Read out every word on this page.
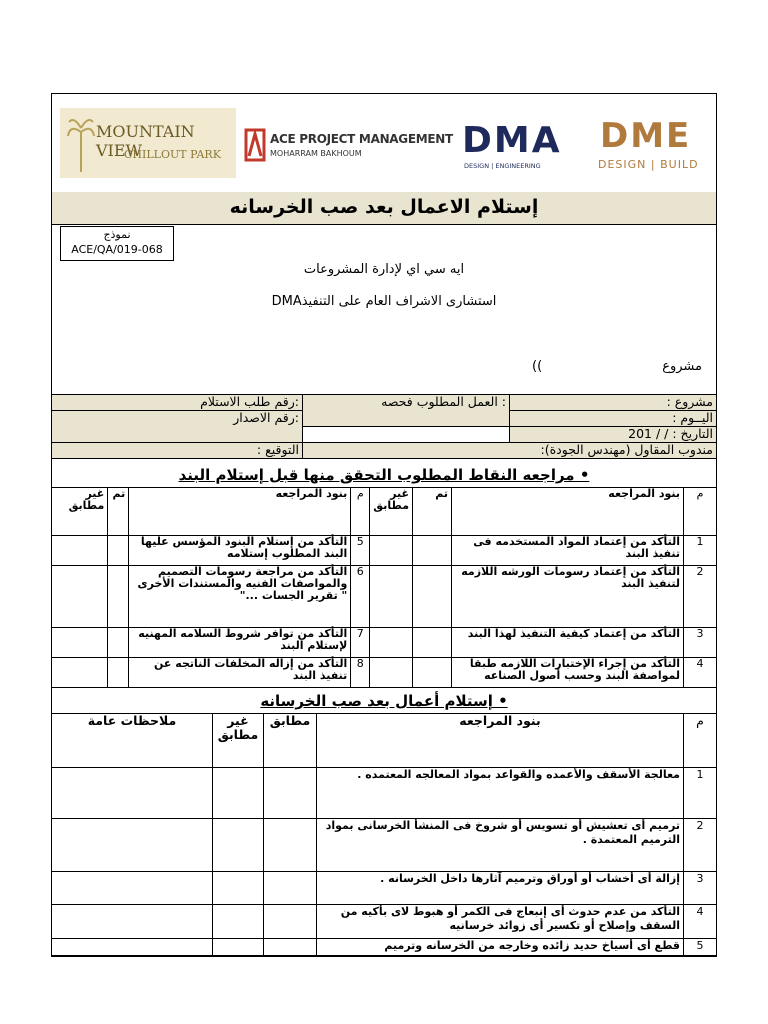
MOUNTAIN VIEW
CHILLOUT PARK
ACE PROJECT MANAGEMENT
MOHARRAM BAKHOUM	DMA
DESIGN | ENGINEERING
DME
DESIGN | BUILD
إستلام الاعمال بعد صب الخرسانه
نموذج
ACE/QA/019-068
ايه سي اي لإدارة المشروعات
استشارى الاشراف العام على التنفيذDMA
مشروع
((
مشروع :	: العمل المطلوب فحصه	:رقم طلب الاستلام
اليــوم :		:رقم الاصدار
التاريخ : / / 201		
مندوب المقاول (مهندس الجودة):		التوقيع :
• مراجعه النقاط المطلوب التحقق منها قبل إستلام البند
م	بنود المراجعه	تم	غير مطابق	م	بنود المراجعه	تم	غير مطابق
1	التأكد من إعتماد المواد المستخدمه فى تنفيذ البند			5	التأكد من إستلام البنود المؤسس عليها البند المطلوب إستلامه		
2	التأكد من إعتماد رسومات الورشه اللازمه لتنفيذ البند			6	التأكد من مراجعة رسومات التصميم والمواصفات الفنيه والمستندات الأخرى " تقرير الجسات ..."		
3	التأكد من إعتماد كيفية التنفيذ لهذا البند			7	التأكد من توافر شروط السلامه المهنيه لإستلام البند		
4	التأكد من إجراء الإختبارات اللازمه طبقا لمواصفة البند وحسب أصول الصناعه			8	التأكد من إزاله المخلفات الناتجه عن تنفيذ البند		
• إستلام أعمال بعد صب الخرسانه
م	بنود المراجعه	مطابق	غير مطابق	ملاحظات عامة
1	معالجة الأسقف والأعمده والقواعد بمواد المعالجه المعتمده .			
2	ترميم أى تعشيش أو تسويس أو شروخ فى المنشأ الخرسانى بمواد الترميم المعتمدة .			
3	إزالة أى أخشاب أو أوراق وترميم آثارها داخل الخرسانه .			
4	التأكد من عدم حدوث أى إنبعاج فى الكمر أو هبوط لاى بأكيه من السقف وإصلاح أو تكسير أى زوائد خرسانيه			
5	قطع أى أسياخ حديد زائده وخارجه من الخرسانه وترميم			
